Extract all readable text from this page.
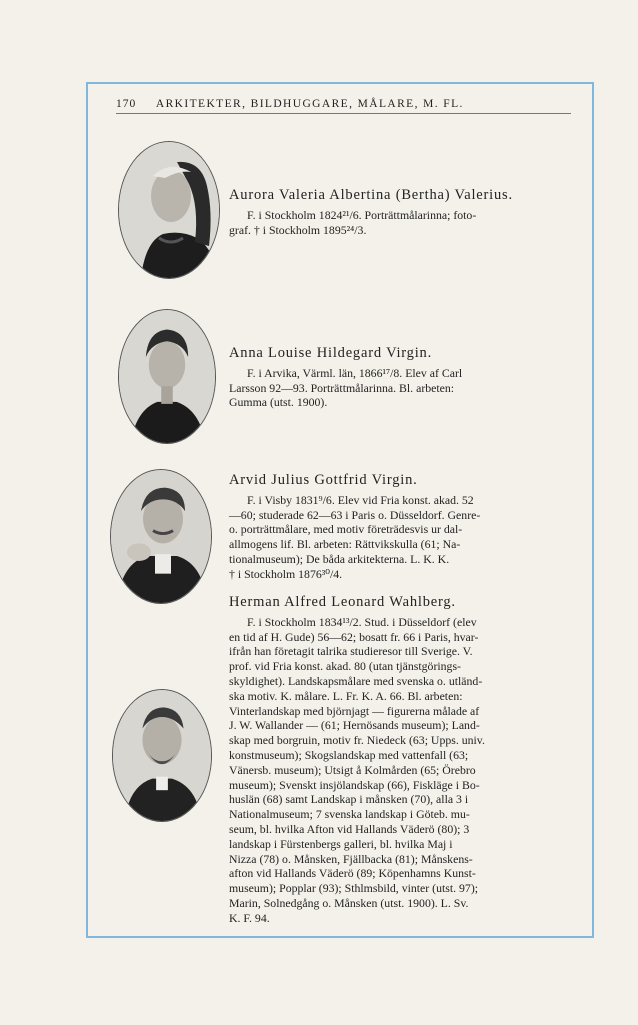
170 ARKITEKTER, BILDHUGGARE, MÅLARE, M. FL.
Aurora Valeria Albertina (Bertha) Valerius.
F. i Stockholm 1824²¹/6. Porträttmålarinna; foto-
graf. † i Stockholm 1895²⁴/3.
Anna Louise Hildegard Virgin.
F. i Arvika, Värml. län, 1866¹⁷/8. Elev af Carl
Larsson 92—93. Porträttmålarinna. Bl. arbeten:
Gumma (utst. 1900).
Arvid Julius Gottfrid Virgin.
F. i Visby 1831⁹/6. Elev vid Fria konst. akad. 52
—60; studerade 62—63 i Paris o. Düsseldorf. Genre-
o. porträttmålare, med motiv företrädesvis ur dal-
allmogens lif. Bl. arbeten: Rättvikskulla (61; Na-
tionalmuseum); De båda arkitekterna. L. K. K.
† i Stockholm 1876³⁰/4.
Herman Alfred Leonard Wahlberg.
F. i Stockholm 1834¹³/2. Stud. i Düsseldorf (elev
en tid af H. Gude) 56—62; bosatt fr. 66 i Paris, hvar-
ifrån han företagit talrika studieresor till Sverige. V.
prof. vid Fria konst. akad. 80 (utan tjänstgörings-
skyldighet). Landskapsmålare med svenska o. utländ-
ska motiv. K. målare. L. Fr. K. A. 66. Bl. arbeten:
Vinterlandskap med björnjagt — figurerna målade af
J. W. Wallander — (61; Hernösands museum); Land-
skap med borgruin, motiv fr. Niedeck (63; Upps. univ.
konstmuseum); Skogslandskap med vattenfall (63;
Vänersb. museum); Utsigt å Kolmården (65; Örebro
museum); Svenskt insjölandskap (66), Fiskläge i Bo-
huslän (68) samt Landskap i månsken (70), alla 3 i
Nationalmuseum; 7 svenska landskap i Göteb. mu-
seum, bl. hvilka Afton vid Hallands Väderö (80); 3
landskap i Fürstenbergs galleri, bl. hvilka Maj i
Nizza (78) o. Månsken, Fjällbacka (81); Månskens-
afton vid Hallands Väderö (89; Köpenhamns Kunst-
museum); Popplar (93); Sthlmsbild, vinter (utst. 97);
Marin, Solnedgång o. Månsken (utst. 1900). L. Sv.
K. F. 94.
